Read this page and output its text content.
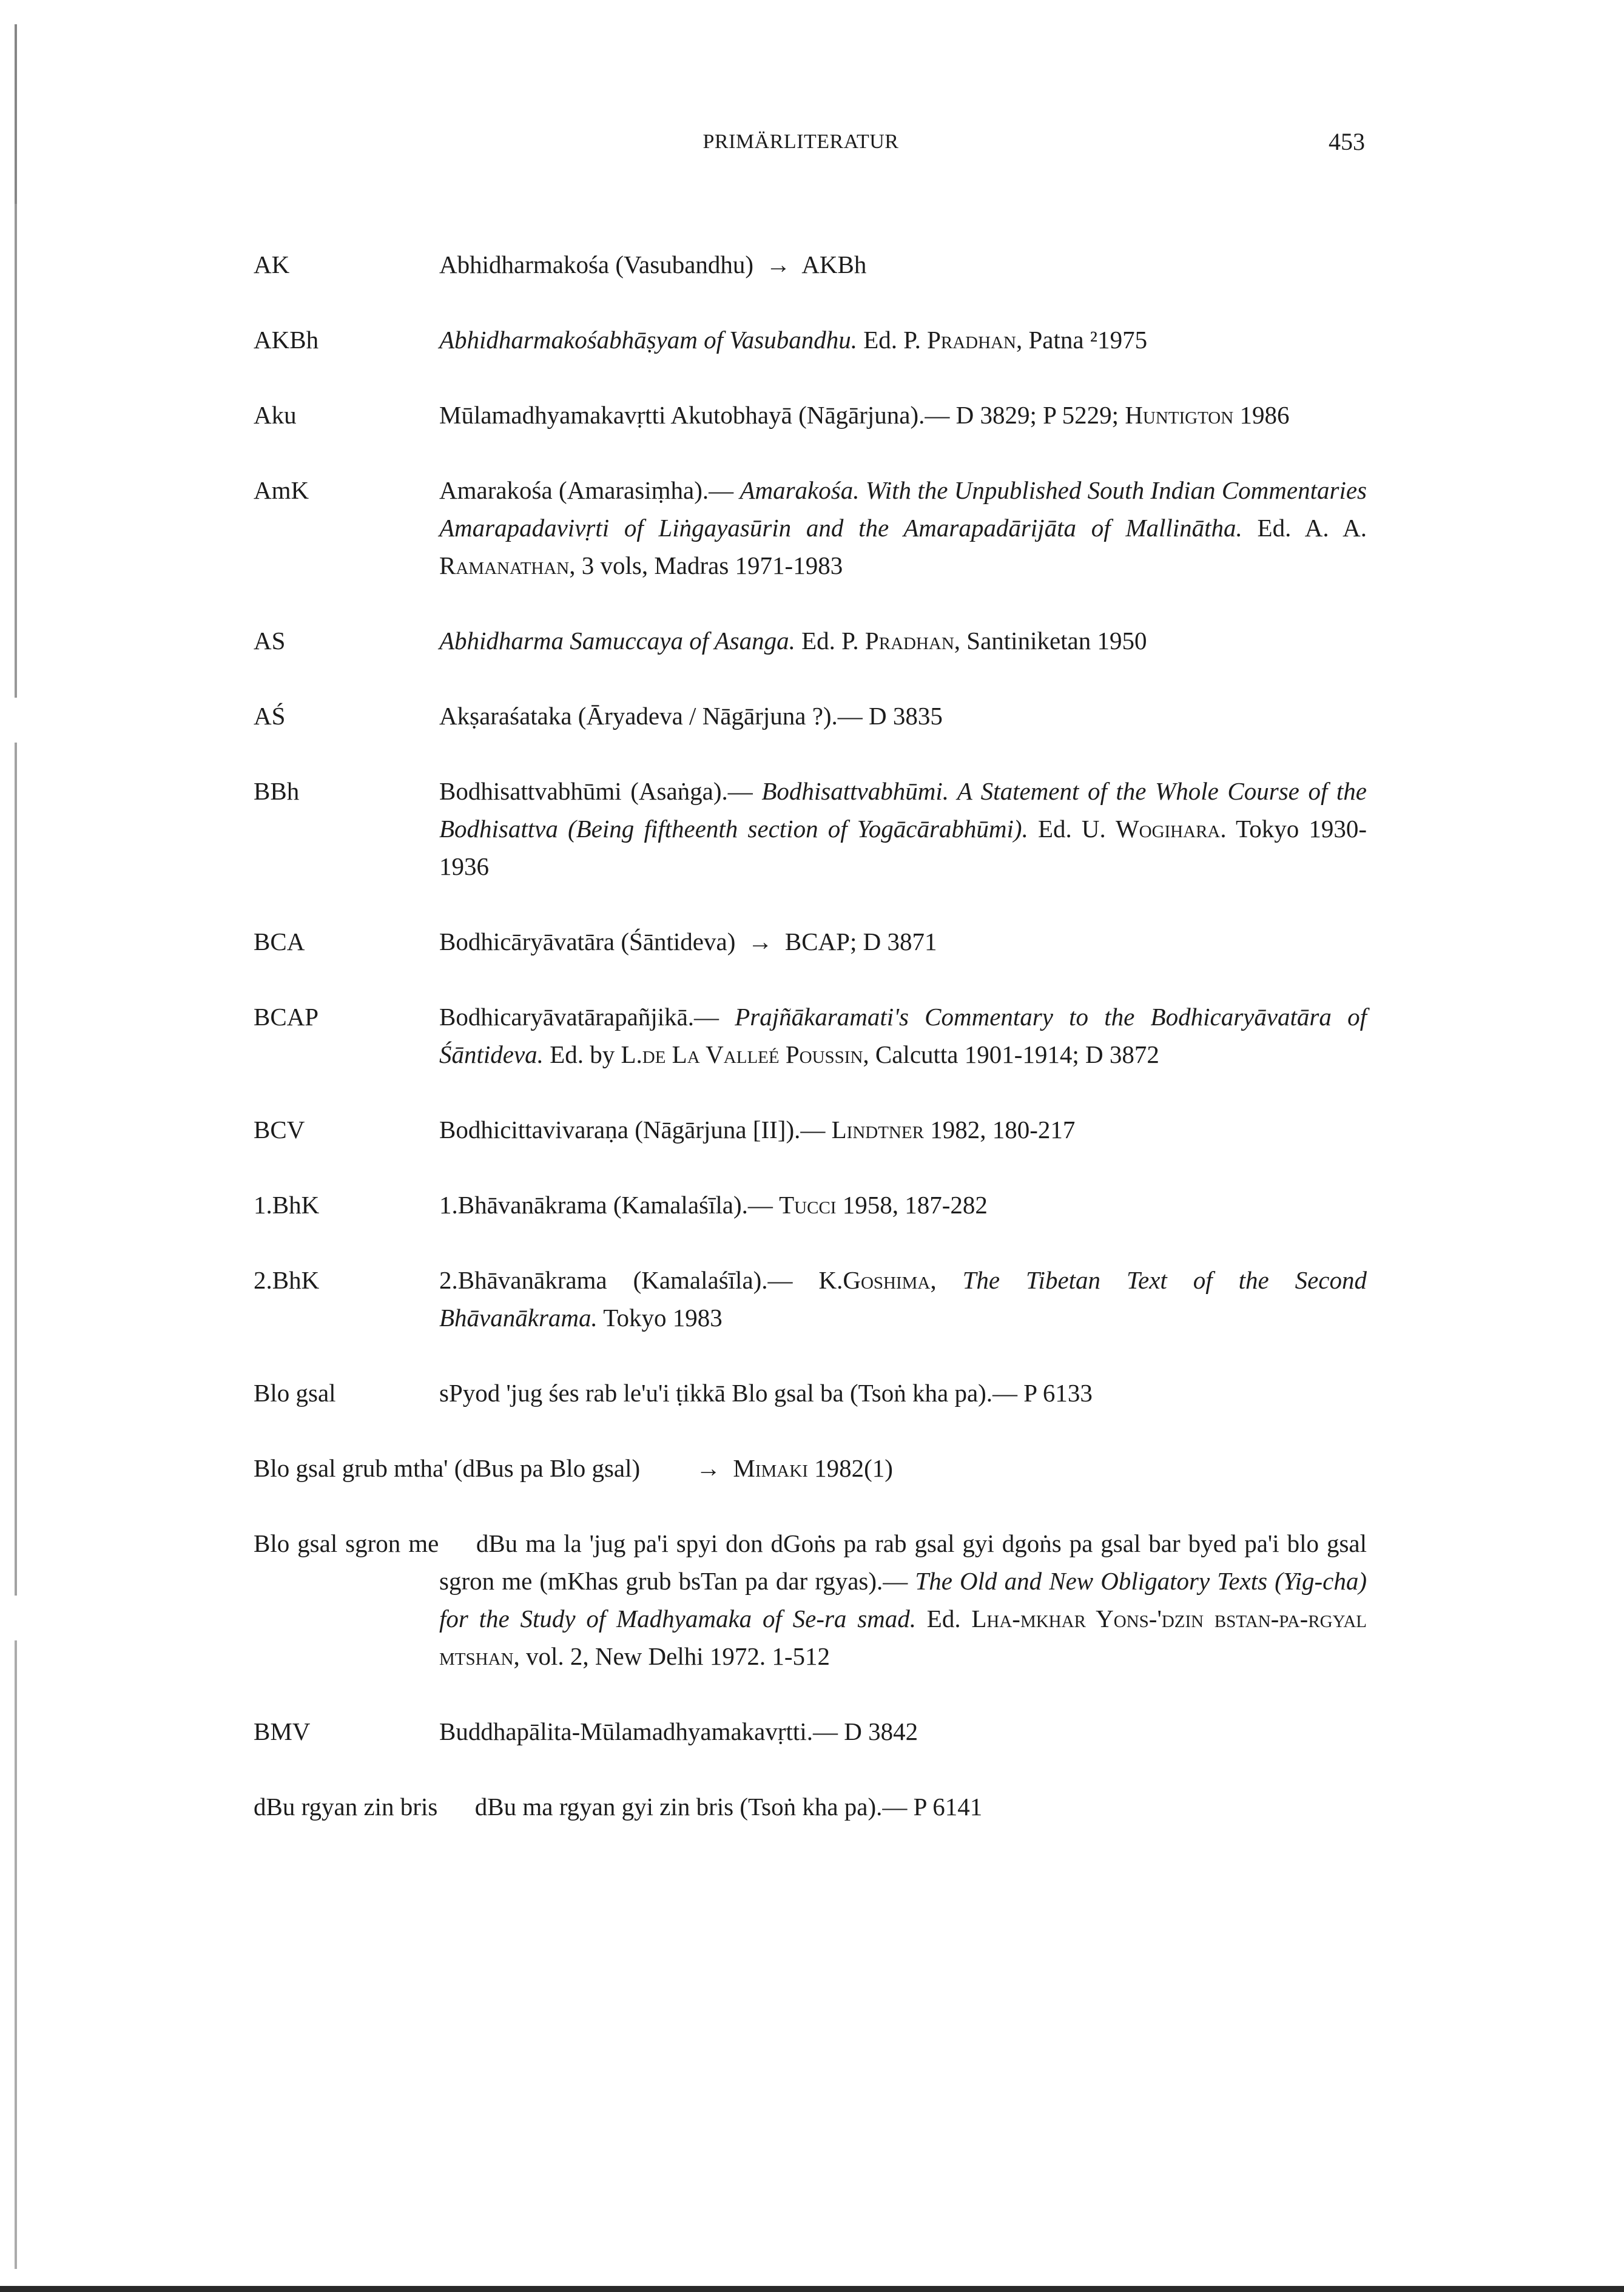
PRIMÄRLITERATUR	453
AK	Abhidharmakośa (Vasubandhu) → AKBh
AKBh	Abhidharmakośabhāṣyam of Vasubandhu. Ed. P. Pradhan, Patna ²1975
Aku	Mūlamadhyamakavṛtti Akutobhayā (Nāgārjuna).— D 3829; P 5229; Huntigton 1986
AmK	Amarakośa (Amarasiṃha).— Amarakośa. With the Unpublished South Indian Commentaries Amarapadavivṛti of Liṅgayasūrin and the Amarapadārijāta of Mallinātha. Ed. A. A. Ramanathan, 3 vols, Madras 1971-1983
AS	Abhidharma Samuccaya of Asanga. Ed. P. Pradhan, Santiniketan 1950
AŚ	Akṣaraśataka (Āryadeva / Nāgārjuna ?).— D 3835
BBh	Bodhisattvabhūmi (Asaṅga).— Bodhisattvabhūmi. A Statement of the Whole Course of the Bodhisattva (Being fiftheenth section of Yogācārabhūmi). Ed. U. Wogihara. Tokyo 1930-1936
BCA	Bodhicāryāvatāra (Śāntideva) → BCAP; D 3871
BCAP	Bodhicaryāvatārapañjikā.— Prajñākaramati's Commentary to the Bodhicaryāvatāra of Śāntideva. Ed. by L.de La Valleé Poussin, Calcutta 1901-1914; D 3872
BCV	Bodhicittavivaraṇa (Nāgārjuna [II]).— Lindtner 1982, 180-217
1.BhK	1.Bhāvanākrama (Kamalaśīla).— Tucci 1958, 187-282
2.BhK	2.Bhāvanākrama (Kamalaśīla).— K.Goshima, The Tibetan Text of the Second Bhāvanākrama. Tokyo 1983
Blo gsal	sPyod 'jug śes rab le'u'i ṭikkā Blo gsal ba (Tsoṅ kha pa).— P 6133
Blo gsal grub mtha' (dBus pa Blo gsal)   → Mimaki 1982(1)
Blo gsal sgron me   dBu ma la 'jug pa'i spyi don dGoṅs pa rab gsal gyi dgoṅs pa gsal bar byed pa'i blo gsal sgron me (mKhas grub bsTan pa dar rgyas).— The Old and New Obligatory Texts (Yig-cha) for the Study of Madhyamaka of Se-ra smad. Ed. Lha-mkhar Yons-'dzin bstan-pa-rgyal mtshan, vol. 2, New Delhi 1972. 1-512
BMV	Buddhapālita-Mūlamadhyamakavṛtti.— D 3842
dBu rgyan zin bris   dBu ma rgyan gyi zin bris (Tsoṅ kha pa).— P 6141
